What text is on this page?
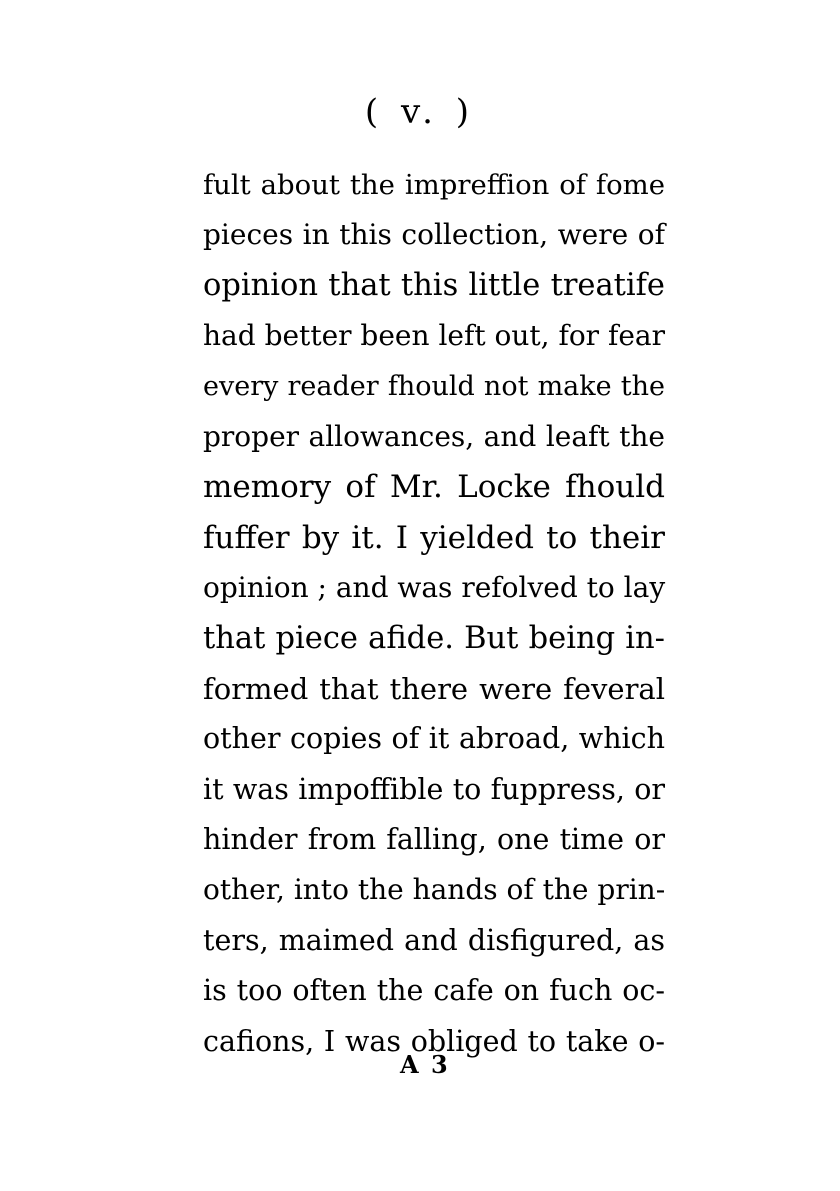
( v. )
fult about the impreffion of fome
pieces in this collection, were of
opinion that this little treatife
had better been left out, for fear
every reader fhould not make the
proper allowances, and leaft the
memory of Mr. Locke fhould
fuffer by it. I yielded to their
opinion ; and was refolved to lay
that piece afide. But being in-
formed that there were feveral
other copies of it abroad, which
it was impoffible to fuppress, or
hinder from falling, one time or
other, into the hands of the prin-
ters, maimed and disfigured, as
is too often the cafe on fuch oc-
cafions, I was obliged to take o-
A 3
